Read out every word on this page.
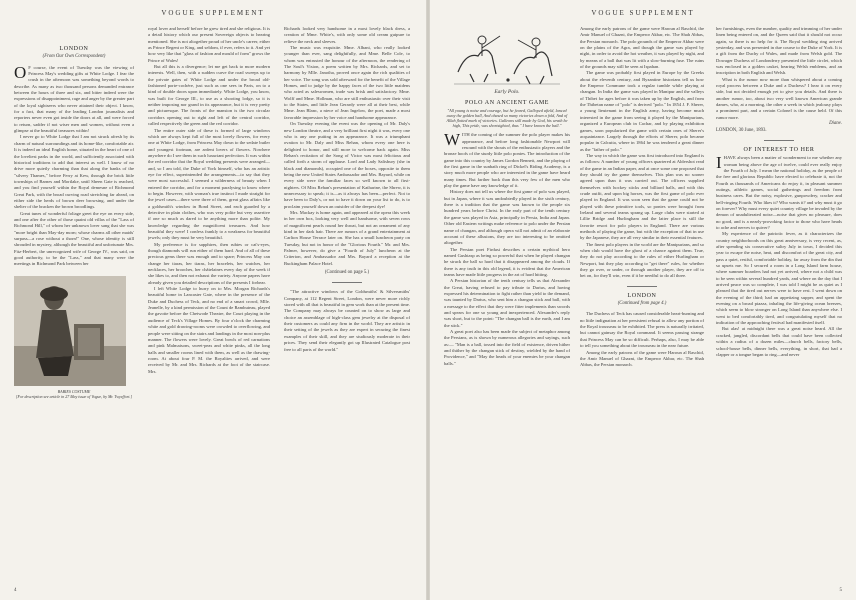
VOGUE SUPPLEMENT
LONDON
(From Our Own Correspondent)

O F course, the event of Tuesday was the viewing of Princess May's wedding gifts at White Lodge. I fear the crush in the afternoon was something beyond words to describe. As many as two thousand persons demanded entrance between the hours of three and six, and bitter indeed were the expressions of disappointment, rage and anger by the greater part of the loyal sightseers who never attained their object. I know, for a fact, that many of the leading London journalists and reporters never even got inside the doors at all, and were forced to return, sadder if not wiser men and women, without even a glimpse at the beautiful treasures within!

I never go to White Lodge that I am not struck afresh by its charm of natural surroundings and its home-like, comfortable air. It is indeed an ideal English home, situated in the heart of one of the loveliest parks in the world, and sufficiently associated with historical traditions to add that interest as well. I know of no drive more quietly charming than that along the banks of the "silvery Thames," before Ferry at Kew, through the brick little townships of Barnes and Mortlake, until Sheen Gate is reached, and you find yourself within the Royal demesne of Richmond Great Park, with the broad curving road stretching far ahead, on either side the herds of brown deer browsing, and under the shelter of the bracken the brown broodlings.

Great tunes of wonderful foliage greet the eye on every side, and one after the other of those quaint old villas of the "Lass of Richmond Hill," of whom her unknown lover sang that she was "more bright than May-day morn; whose charms all other maids' surpass—a rose without a thorn!" One, whose identity is still shrouded in mystery, although the beautiful and unfortunate Mrs. Fitz-Herbert, the unrecognized wife of George IV., was said, on good authority, to be the "Lass," and that many were the meetings in Richmond Park between her

BABIES COSTUME
[For description see article in 27 May issue of Vogue, by Mr. Twyeffort.]

royal lover and herself before he grew tired and she religious. It is a detail history which our present Sovereign objects to hearing mentioned. She is not altogether proud of her uncle's career, either as Prince Regent or King, and seldom, if ever, refers to it. And yet how very like that "glass of fashion and mould of form" grows the Prince of Wales!

But all this is a divergence; let me get back to more modern interests. Well, then, with a sudden curve the road sweeps up to the private gates of White Lodge and under the broad old-fashioned porte-cochère, just such as one sees in Paris, on to a kind of double doors upon immediately. White Lodge, you know, was built for George III., to use as a shooting lodge, so it is neither imposing nor grand in its appearance, but it is very pretty and picturesque. The fronts of the mansion is the two circular corridors opening out to right and left of the central corridor, called respectively the green and the red corridor.

The entire outer side of these is formed of large windows which are always kept full of the most lovely flowers, for every one at White Lodge, from Princess May down to the sedate butler and youngest footman, are ardent lovers of flowers. Nowhere anywhere do I see them in such luxuriant perfection. It was within the red corridor that the Royal wedding presents were arranged—and, so I am told, the Duke of York himself, who has an artistic eye for effect, superintended the arrangements—to say that they were most successful. I seemed a wilderness of beauty when I entered the corridor, and for a moment paralysing to know where to begin. However, with woman's true instinct I made straight for the jewel cases—there were three of them, great glass affairs like a goldsmith's window in Bond Street, and each guarded by a detective in plain clothes, who was very polite but very assertive if one so much as dared to be anything more than polite. My knowledge regarding the magnificent treasures. And how beautiful they were! I confess frankly to a weakness for beautiful jewels; only they must be very beautiful.

My preference is for sapphires, then rubies or cat's-eyes, though diamonds will run either of them hard. And of all of these precious gems there was enough and to spare; Princess May can change her tiaras, her tiaras, her bracelets, her watches, her necklaces, her brooches, her châtelaines every day of the week if she likes to, and then not exhaust the variety. Anyone papers have already given you detailed descriptions of the presents I forbear.

I left White Lodge to hurry on to Mrs. Morgan Richards's beautiful home in Lancaster Gate, where in the presence of the Duke and Duchess of Teck, and no end of a smart crowd, Mlle. Jeanelle, by a kind permission of the Count de Rambuteau, played the gavotte before the Chetwode Theatre, the Court playing in the audience of Teck's Village Homes. By four o'clock the charming white and gold drawing-rooms were crowded to overflowing, and people were sitting on the stairs and landings in the most non-plus manner. The flowers were lovely. Great bowls of red carnations and pink Malmaisons, sweet-peas and white pinks, all the long halls and smaller rooms lined with them, as well as the drawing-room. At about four P. M. the Royalties arrived, and were received by Mr. and Mrs. Richards at the foot of the staircase. Mrs.

Richards looked very handsome in a most lovely black dress, a creation of Mme. White's, with only some old cream guipure to relieve the neck and sleeves.

The music was exquisite. Mme. Albani, who really looked younger than ever, sang delightfully, and Mme. Belle Cole, to whom was entrusted the honour of the afternoon, the rendering of The Soul's Vision, a poem written by Mrs. Richards, and set to harmony by Mlle. Janotha, proved once again the rich qualities of her voice. The song was sold afterward for the benefit of the Village Homes, and to judge by the happy faces of the two little maidens who acted as saleswomen, trade was brisk and satisfactory. Mme. Wolff and Mme. Hollman, who are still enthusiastic over their visit to the States, and little Jean Gerardy were all at their best, while Mme. Jean Blanc, a niece of Jean Ingelow, the poet, made a most favorable impression by her voice and handsome appearance.

On Tuesday evening the event was the opening of Mr. Daly's new London theatre, and a very brilliant first night it was, every one who is any one putting in an appearance. It was a triumphant ovation to Mr. Daly and Miss Rehan, whom every one here is delighted to honor, and still more to welcome back again. Miss Rehan's recitation of the Song of Victor was most felicitous and called forth a storm of applause. Lord and Lady Salisbury (she in black and diamonds), occupied one of the boxes, opposite to them being the new United States Ambassador and Mrs. Bayard, while on every side were the familiar faces so well known to all first-nighters. Of Miss Rehan's presentation of Katharine, the Shrew, it is unnecessary to speak; it is—as it always has been—perfect. Not to have been to Daly's, or not to have it down on your list to do, is to proclaim yourself down an outsider of the deepest dye!

Mrs. Mackay is home again, and appeared at the opera this week in her own box, looking very well and handsome, with seven rows of magnificent pearls round her throat, but not an ornament of any kind in her dark hair. There are rumors of a grand entertainment at Carlton House Terrace later on. She has a small luncheon party on Tuesday, but not in honor of the "Glorious Fourth." Mr. and Mrs. Palmer, however, do give a "Fourth of July" luncheon at the Criterion, and Ambassador and Mrs. Bayard a reception at the Buckingham Palace Hotel.

(Continued on page 5.)

"The attractive windows of the Goldsmiths' & Silversmiths' Company, at 112 Regent Street, London, were never more richly stored with all that is beautiful in gem work than at the present time. The Company may always be counted on to show as large and choice an assemblage of high-class gem jewelry at the disposal of their customers as could any firm in the world. They are artistic in their setting of the jewels as they are expert in securing the finest examples of their skill, and they are studiously moderate in their prices. They send their elegantly got up Illustrated Catalogue post free to all parts of the world."

4
VOGUE SUPPLEMENT
Early Polo.
POLO AN ANCIENT GAME
"All young is noise and courage, but he feared, Galloped afield, lanced away the golden ball, And chased so many victories down a fold, And of Allah flotted mark of victories. Galleons still made by God, his wrath be high, This pride, was shortsighted, thus " I have known the ball."

WITH the coming of the summer the polo player makes his appearance, and before long fashionable Newport will resound with the shouts of the enthusiastic players and the bronze hoofs of the sturdy little polo ponies. The introduction of the game into this country by James Gordon Bennett, and the playing of the first game in the sunbath ring of Dickel's Riding Academy, is a story much more people who are interested in the game have heard many times. But farther back than this very few of the men who play the game have any knowledge of it.

History does not tell us where the first game of polo was played, but in Japan, where it was undoubtedly played in the sixth century, there is a tradition that the game was known to the people six hundred years before Christ. In the early part of the tenth century the game was played in Asia, principally in Persia, India and Japan. Other old Eastern writings make reference to polo under the Persian name of changan, and although opera will not admit of an elaborate account of these allusions, they are too interesting to be omitted altogether.

The Persian poet Firdusi describes a certain mythical hero named Gushtasp as being so powerful that when he played changan he struck the ball so hard that it disappeared among the clouds. If there is any truth in this old legend, it is evident that the American teams have made little progress in the art of hard hitting.

A Persian historian of the tenth century tells us that Alexander the Great, having refused to pay tribute to Darius, and having expressed his determination to fight rather than yield to the demand, was taunted by Darius, who sent him a changan stick and ball, with a message to the effect that they were fitter implements than swords and spears for one so young and inexperienced. Alexander's reply was short, but to the point: "The changan ball is the earth, and I am the stick."

A great poet also has been made the subject of metaphor among the Persians, as is shown by numerous allegories and sayings, such as:— "Man is a ball, tossed into the field of existence, driven hither and thither by the changan stick of destiny, wielded by the hand of Providence," and "May the heads of your enemies be your changan balls."

Among the early patrons of the game were Haroun al Raschid, the Amir Manuel of Ghazni, the Emperor Akbar, etc. The Shah Abbas, the Persian monarch. The polo grounds of the Emperor Akbar were on the plains of the Agra, and though the game was played by night, in order to avoid the hot weather, it was played by night, and by means of a ball that was lit with a slow-burning fuse. The ruins of the grounds may still be seen at Ispahan.

The game was probably first played in Europe by the Greeks about the eleventh century, and Byzantine historians tell us how the Emperor Commune took a regular tumble while playing at changan. In India the game was played in Manipur and the valleys of Thibet for ages before it was taken up by the English, and from the Thibetan name of "polo" is derived "polo." In 1854 J. F. Sherer, a young lieutenant in the English army, having become much interested in the game from seeing it played by the Manipurians, organized a European club in Cachar, and by playing exhibition games, soon popularized the game with certain ones of Sherer's acquaintance. Largely through the efforts of Sherer, polo became popular in Calcutta, where in 1864 he was tendered a great dinner as the "father of polo."

The way in which the game was first introduced into England is as follows: A number of young officers quartered at Aldershot read of the game in an Indian paper, and at once some one proposed that they should try the game themselves. This plan was no sooner agreed upon than it was carried out. The officers supplied themselves with hockey sticks and billiard balls, and with this crude outfit, and upon big horses, was the first game of polo ever played in England. It was soon seen that the game could not be played with these primitive tools, so ponies were brought from Ireland and several teams sprang up. Large clubs were started at Lillie Bridge and Hurlingham and the latter place is still the favorite resort for polo players in England. There are various methods of playing the game, but with the exception of that in use by the Japanese, they are all very similar in their essential features.

The finest polo players in the world are the Manipurians, and so when club would have the ghost of a chance against them. True, they do not play according to the rules of either Hurlingham or Newport, but they play according to "get there" rules, for whether they go over, or under, or through another player, they are off to bet on, for they'll win, even if it be needful to do all three.

LONDON
(Continued from page 4.)

The Duchess of Teck has caused considerable heart-burning and no little indignation at her persistent refusal to allow any portion of the Royal trousseau to be exhibited. The press is naturally irritated, but cannot gainsay the Royal command. It seems passing strange that Princess May can be so difficult. Perhaps, also, I may be able to tell you something about the trousseau in the near future.

Among the early patrons of the game were Haroun al Raschid, the Amir Manuel of Ghazni, the Emperor Akbar, etc. The Shah Abbas, the Persian monarch.

her furnishings, even the number, quality and trimming of her under linen being entered on, and the Queen said that it should not occur again, so there is no help for it. The Royal wedding ring arrived yesterday, and was presented in due course to the Duke of York. It is a gift from the Duchy of Wales, and made from Welsh gold. The Dowager Duchess of Londonderry presented the little circlet, which was enclosed in a golden casket, bearing Welsh emblems, and an inscription in both English and Welsh.

What is the rumor now more than whispered about a coming royal process between a Duke and a Duchess? I hear it on every side, but not decided enough yet to give you details. And there is another rumor, too, about two very well known American grande dames, who, at a morning, the other a week in which jealousy plays a prominent part, and a certain Colonel is the cause held. Of this rumor more.

Diane.
LONDON, 30 June, 1893.
OF INTEREST TO HER

IHAVE always been a matter of wonderment to me whether any woman being above the age of twelve, could ever really enjoy the Fourth of July. I mean the national holiday, as the people of the free and glorious Republic have elected to celebrate it, not the Fourth as thousands of Americans do enjoy it, in pleasant summer outings, athletic games, social gatherings and freedom from business cares. But the noisy, explosive, gunpowdery, cracker and bell-ringing Fourth. Who likes it? Who wants it? and why must it go on forever? Why must every quiet country village be invaded by the demon of unadulterated noise—noise that gives no pleasure, does no good, and is a nearly-provoking factor to those who have heads to ache and nerves to quiver?

My experience of the patriotic fever, as it characterizes the country neighborhoods on this great anniversary, is very recent, as, after spending six consecutive sultry July in town, I decided this year to escape the noise, heat, and discomfort of the great city, and pass a quiet, restful, comfortable holiday, far away from the din that so upsets me. So I secured a room in a Long Island farm house, where summer boarders had not yet arrived, where not a child was to be seen within several hundred yards, and where on the day that I arrived peace was so complete, I was told I might be as quiet as I pleased that the tired out nerves were to have rest. I went down on the evening of the third; had an appetizing supper, and spent the evening on a broad piazza, inhaling the life-giving ocean breezes, which seem to blow stronger on Long Island than anywhere else. I went to bed comfortably tired, and congratulating myself that no indication of the approaching festival had manifested itself.

But alas! at midnight there was a great noise heard. All the cracked, jangled, discordant bells that could have been collected within a radius of a dozen miles—church bells, factory bells, school-house bells, dinner bells, everything, in short, that had a clapper or a tongue began to ring—and never

5
